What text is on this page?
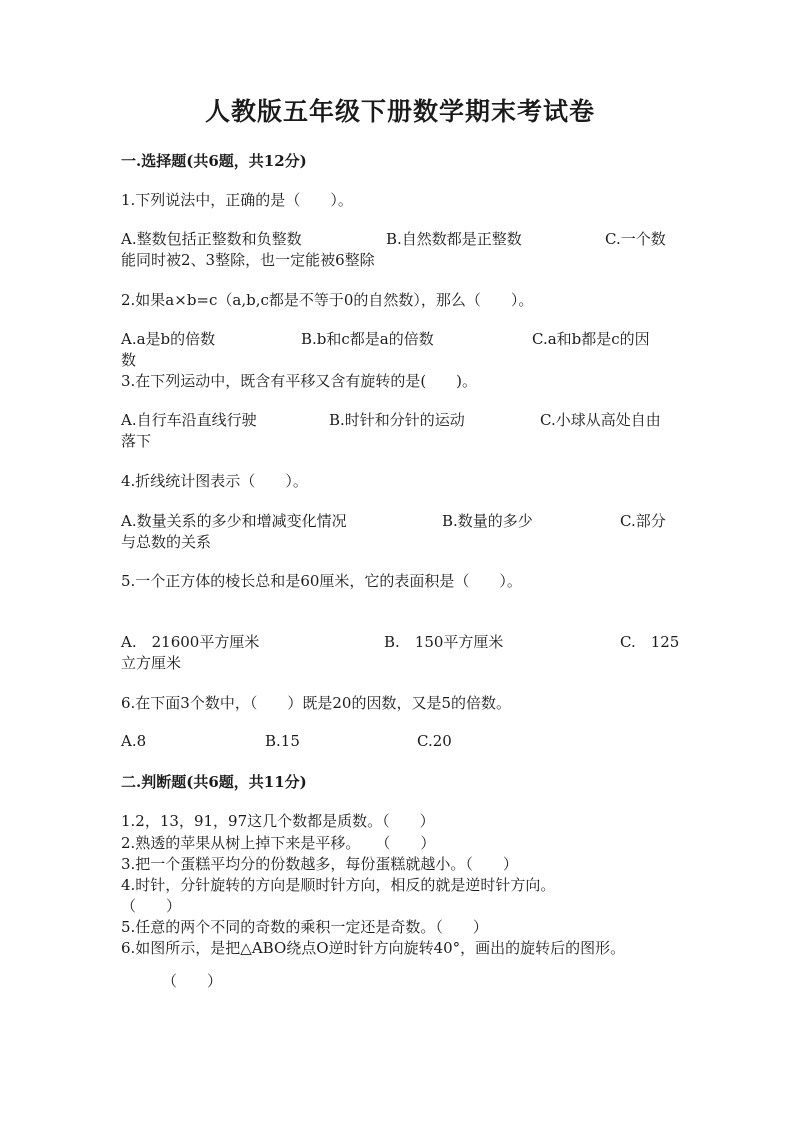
人教版五年级下册数学期末考试卷
一.选择题(共6题，共12分)
1.下列说法中，正确的是（　　）。
A.整数包括正整数和负整数	B.自然数都是正整数	C.一个数
能同时被2、3整除，也一定能被6整除
2.如果a×b=c（a,b,c都是不等于0的自然数），那么（　　）。
A.a是b的倍数	B.b和c都是a的倍数	C.a和b都是c的因
数
3.在下列运动中，既含有平移又含有旋转的是(　　)。
A.自行车沿直线行驶	B.时针和分针的运动	C.小球从高处自由
落下
4.折线统计图表示（　　）。
A.数量关系的多少和增减变化情况	B.数量的多少	C.部分
与总数的关系
5.一个正方体的棱长总和是60厘米，它的表面积是（　　）。
A.　21600平方厘米	B.　150平方厘米	C.　125
立方厘米
6.在下面3个数中，（　　）既是20的因数，又是5的倍数。
A.8	B.15	C.20
二.判断题(共6题，共11分)
1.2，13，91，97这几个数都是质数。（　　）
2.熟透的苹果从树上掉下来是平移。　　（　　）
3.把一个蛋糕平均分的份数越多，每份蛋糕就越小。（　　）
4.时针，分针旋转的方向是顺时针方向，相反的就是逆时针方向。
（　　）
5.任意的两个不同的奇数的乘积一定还是奇数。（　　）
6.如图所示，是把△ABO绕点O逆时针方向旋转40°，画出的旋转后的图形。
（　　）
